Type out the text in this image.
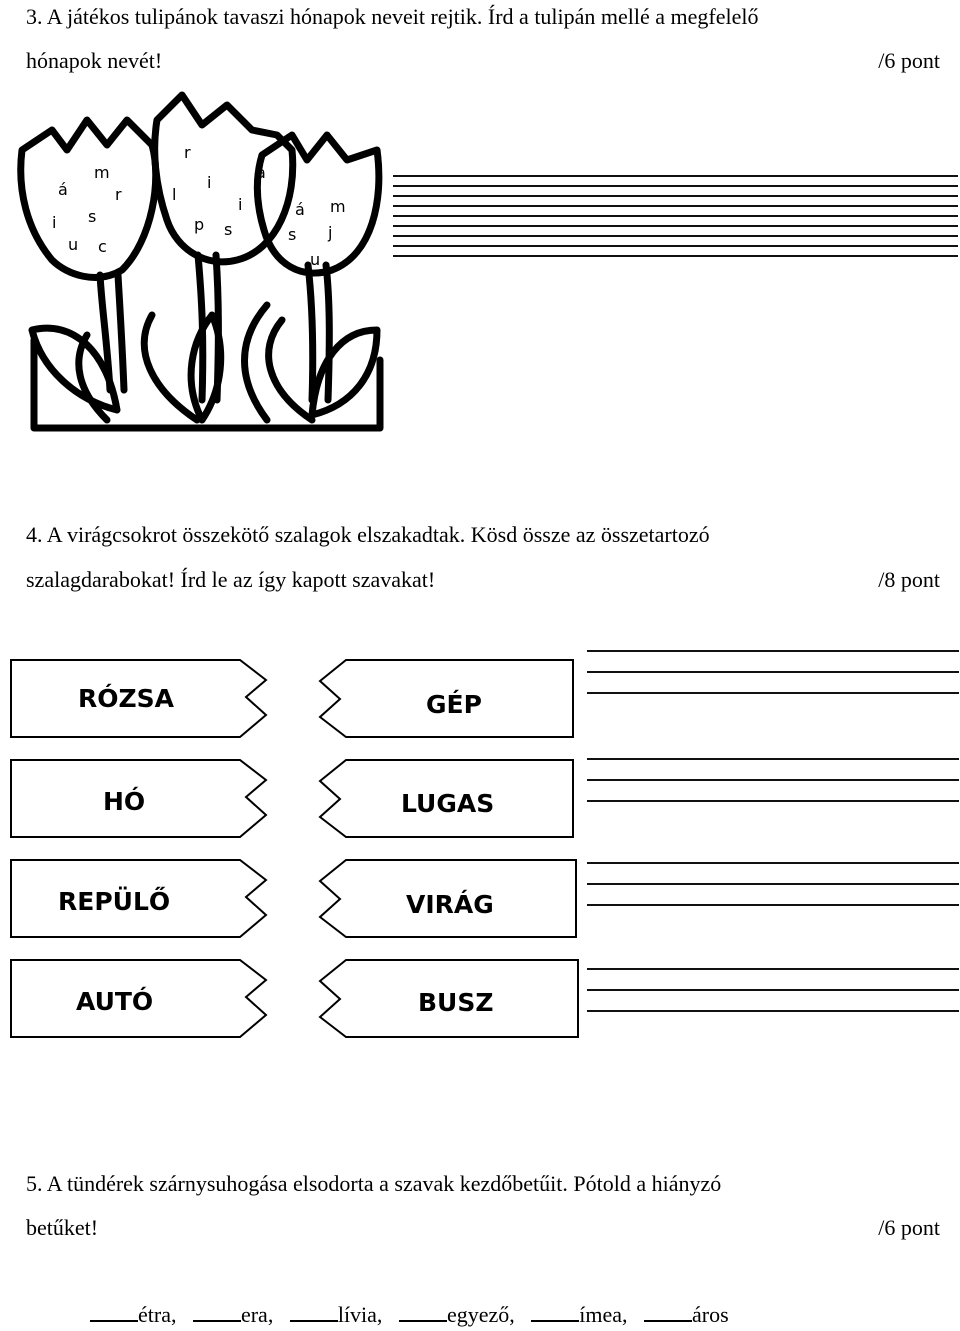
3. A játékos tulipánok tavaszi hónapok neveit rejtik. Írd a tulipán mellé a megfelelő
hónapok nevét!	/6 pont
m
á	r
i s
u c
r
i
l
á
i
p s
á m
s j
u
4. A virágcsokrot összekötő szalagok elszakadtak. Kösd össze az összetartozó
szalagdarabokat! Írd le az így kapott szavakat!	/8 pont
RÓZSA
HÓ
REPÜLŐ
AUTÓ
GÉP
LUGAS
VIRÁG
BUSZ
5. A tündérek szárnysuhogása elsodorta a szavak kezdőbetűit. Pótold a hiányzó
betűket!	/6 pont
étra,	era,	lívia,	egyező,	ímea,	áros
